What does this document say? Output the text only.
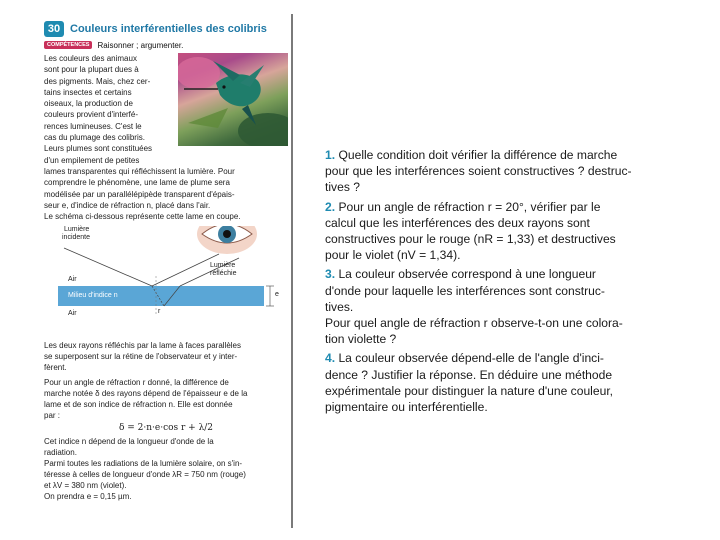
30 Couleurs interférentielles des colibris
COMPÉTENCES	Raisonner ; argumenter.
Les couleurs des animaux
sont pour la plupart dues à
des pigments. Mais, chez cer-
tains insectes et certains
oiseaux, la production de
couleurs provient d'interfé-
rences lumineuses. C'est le
cas du plumage des colibris.
Leurs plumes sont constituées
d'un empilement de petites
lames transparentes qui réfléchissent la lumière. Pour
comprendre le phénomène, une lame de plume sera
modélisée par un parallélépipède transparent d'épais-
seur e, d'indice de réfraction n, placé dans l'air.
Le schéma ci-dessous représente cette lame en coupe.
Lumière
incidente
Lumière
réfléchie
Air
Milieu d'indice n
Air
e
r
Les deux rayons réfléchis par la lame à faces parallèles
se superposent sur la rétine de l'observateur et y inter-
fèrent.
Pour un angle de réfraction r donné, la différence de
marche notée δ des rayons dépend de l'épaisseur e de la
lame et de son indice de réfraction n. Elle est donnée
par :
δ = 2·n·e·cos r + λ/2
Cet indice n dépend de la longueur d'onde de la
radiation.
Parmi toutes les radiations de la lumière solaire, on s'in-
téresse à celles de longueur d'onde λR = 750 nm (rouge)
et λV = 380 nm (violet).
On prendra e = 0,15 µm.
1. Quelle condition doit vérifier la différence de marche
pour que les interférences soient constructives ? destruc-
tives ?
2. Pour un angle de réfraction r = 20°, vérifier par le
calcul que les interférences des deux rayons sont
constructives pour le rouge (nR = 1,33) et destructives
pour le violet (nV = 1,34).
3. La couleur observée correspond à une longueur
d'onde pour laquelle les interférences sont construc-
tives.
Pour quel angle de réfraction r observe-t-on une colora-
tion violette ?
4. La couleur observée dépend-elle de l'angle d'inci-
dence ? Justifier la réponse. En déduire une méthode
expérimentale pour distinguer la nature d'une couleur,
pigmentaire ou interférentielle.
